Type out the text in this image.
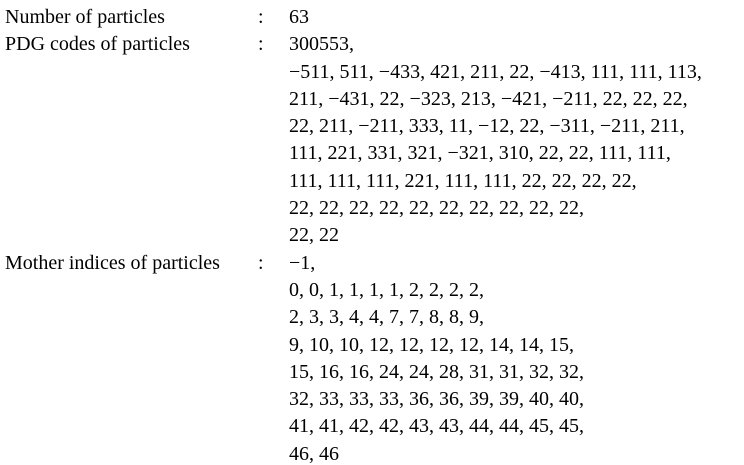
Number of particles	:	63
PDG codes of particles	:	300553,
−511, 511, −433, 421, 211, 22, −413, 111, 111, 113,
211, −431, 22, −323, 213, −421, −211, 22, 22, 22,
22, 211, −211, 333, 11, −12, 22, −311, −211, 211,
111, 221, 331, 321, −321, 310, 22, 22, 111, 111,
111, 111, 111, 221, 111, 111, 22, 22, 22, 22,
22, 22, 22, 22, 22, 22, 22, 22, 22, 22,
22, 22
Mother indices of particles	:	−1,
0, 0, 1, 1, 1, 1, 2, 2, 2, 2,
2, 3, 3, 4, 4, 7, 7, 8, 8, 9,
9, 10, 10, 12, 12, 12, 12, 14, 14, 15,
15, 16, 16, 24, 24, 28, 31, 31, 32, 32,
32, 33, 33, 33, 36, 36, 39, 39, 40, 40,
41, 41, 42, 42, 43, 43, 44, 44, 45, 45,
46, 46
